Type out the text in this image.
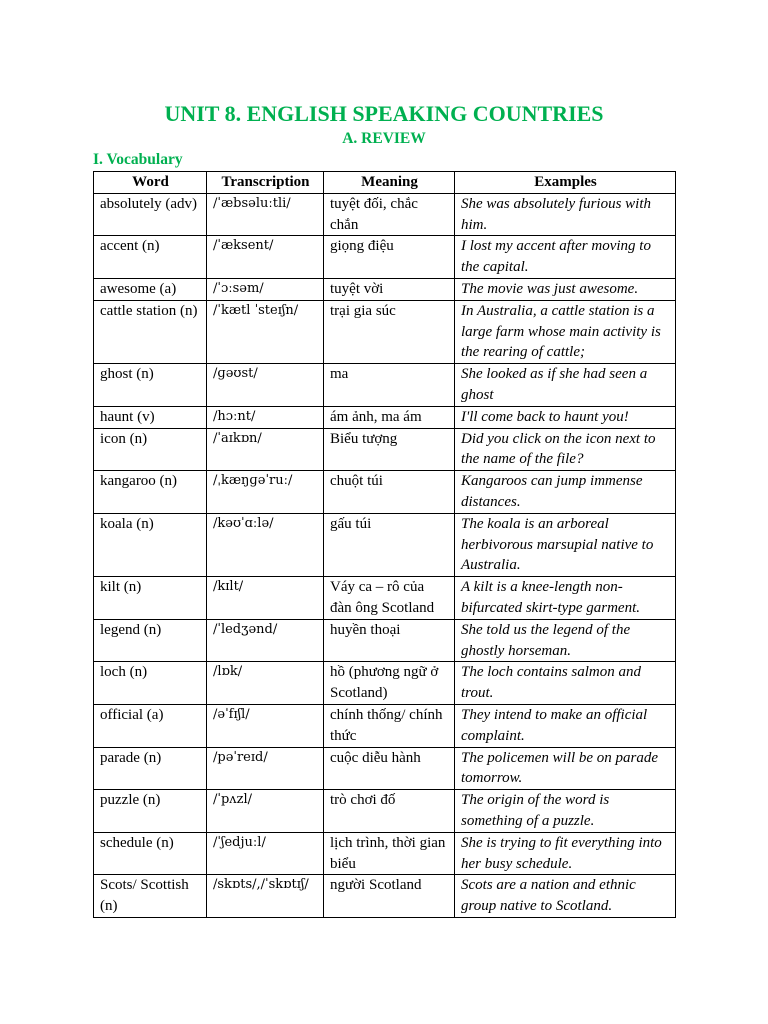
UNIT 8. ENGLISH SPEAKING COUNTRIES
A. REVIEW
I. Vocabulary
Word	Transcription	Meaning	Examples
absolutely (adv)	/ˈæbsəluːtli/	tuyệt đối, chắc chắn	She was absolutely furious with him.
accent (n)	/ˈæksent/	giọng điệu	I lost my accent after moving to the capital.
awesome (a)	/ˈɔːsəm/	tuyệt vời	The movie was just awesome.
cattle station (n)	/ˈkætl ˈsteɪʃn/	trại gia súc	In Australia, a cattle station is a large farm whose main activity is the rearing of cattle;
ghost (n)	/ɡəʊst/	ma	She looked as if she had seen a ghost
haunt (v)	/hɔːnt/	ám ảnh, ma ám	I'll come back to haunt you!
icon (n)	/ˈaɪkɒn/	Biểu tượng	Did you click on the icon next to the name of the file?
kangaroo (n)	/ˌkæŋɡəˈruː/	chuột túi	Kangaroos can jump immense distances.
koala (n)	/kəʊˈɑːlə/	gấu túi	The koala is an arboreal herbivorous marsupial native to Australia.
kilt (n)	/kɪlt/	Váy ca – rô của đàn ông Scotland	A kilt is a knee-length non-bifurcated skirt-type garment.
legend (n)	/ˈledʒənd/	huyền thoại	She told us the legend of the ghostly horseman.
loch (n)	/lɒk/	hồ (phương ngữ ở Scotland)	The loch contains salmon and trout.
official (a)	/əˈfɪʃl/	chính thống/ chính thức	They intend to make an official complaint.
parade (n)	/pəˈreɪd/	cuộc diễu hành	The policemen will be on parade tomorrow.
puzzle (n)	/ˈpʌzl/	trò chơi đố	The origin of the word is something of a puzzle.
schedule (n)	/ˈʃedjuːl/	lịch trình, thời gian biểu	She is trying to fit everything into her busy schedule.
Scots/ Scottish (n)	/skɒts/,/ˈskɒtɪʃ/	người Scotland	Scots are a nation and ethnic group native to Scotland.
